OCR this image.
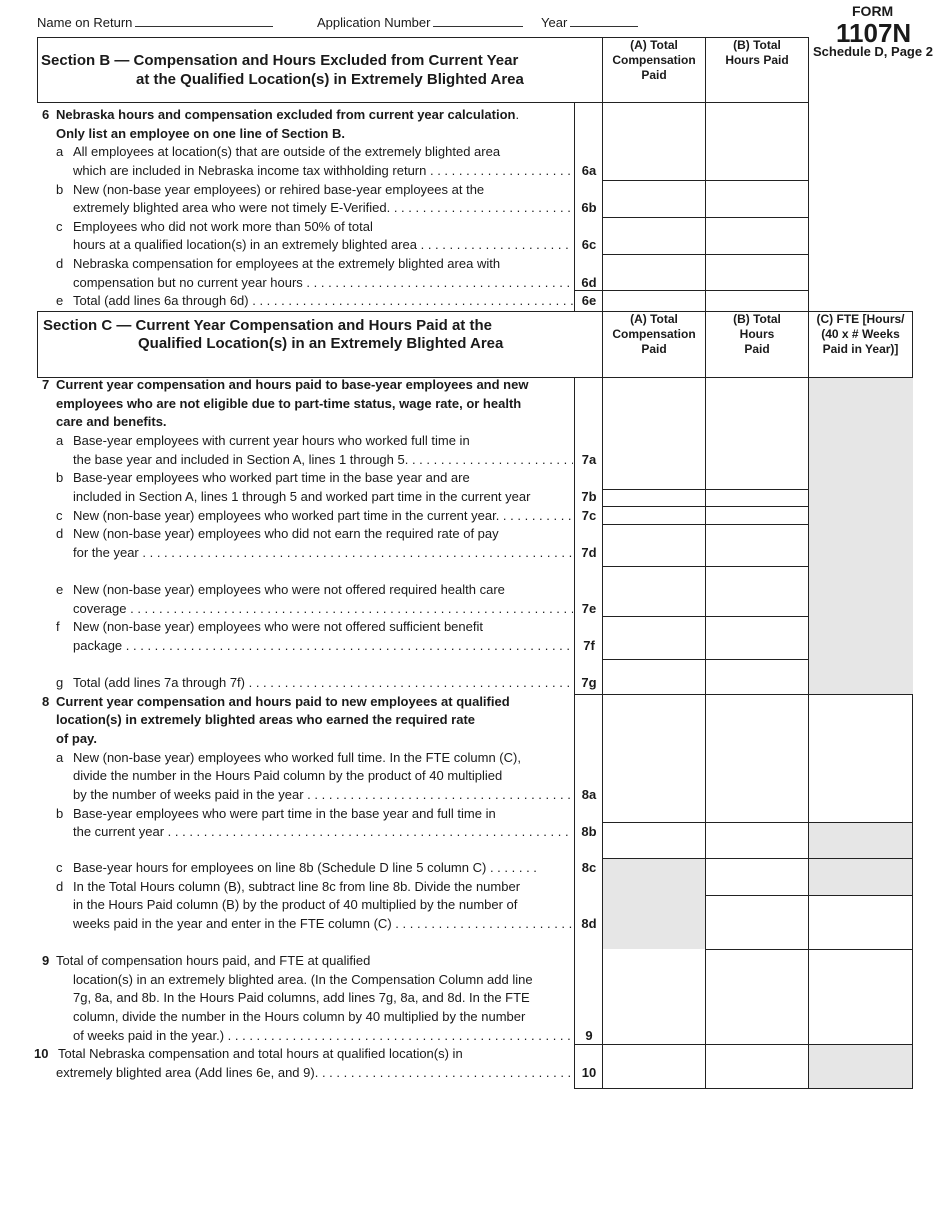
Name on Return	Application Number	Year
FORM
1107N
Schedule D, Page 2
Section B — Compensation and Hours Excluded from Current Year
at the Qualified Location(s) in Extremely Blighted Area
(A) Total Compensation Paid
(B) Total Hours Paid
6 Nebraska hours and compensation excluded from current year calculation.
Only list an employee on one line of Section B.
a All employees at location(s) that are outside of the extremely blighted area
which are included in Nebraska income tax withholding return . . .	6a
b New (non-base year employees) or rehired base-year employees at the
extremely blighted area who were not timely E-Verified. . . .	6b
c Employees who did not work more than 50% of total
hours at a qualified location(s) in an extremely blighted area . . .	6c
d Nebraska compensation for employees at the extremely blighted area with
compensation but no current year hours . . .	6d
e Total (add lines 6a through 6d) . . .	6e
Section C — Current Year Compensation and Hours Paid at the
Qualified Location(s) in an Extremely Blighted Area
(A) Total Compensation Paid
(B) Total Hours Paid
(C) FTE [Hours/ (40 x # Weeks Paid in Year)]
7 Current year compensation and hours paid to base-year employees and new
employees who are not eligible due to part-time status, wage rate, or health
care and benefits.
a Base-year employees with current year hours who worked full time in
the base year and included in Section A, lines 1 through 5. . . .	7a
b Base-year employees who worked part time in the base year and are
included in Section A, lines 1 through 5 and worked part time in the current year	7b
c New (non-base year) employees who worked part time in the current year. . . .	7c
d New (non-base year) employees who did not earn the required rate of pay
for the year . . .	7d
e New (non-base year) employees who were not offered required health care
coverage . . .	7e
f New (non-base year) employees who were not offered sufficient benefit
package . . .	7f
g Total (add lines 7a through 7f) . . .	7g
8 Current year compensation and hours paid to new employees at qualified
location(s) in extremely blighted areas who earned the required rate
of pay.
a New (non-base year) employees who worked full time. In the FTE column (C),
divide the number in the Hours Paid column by the product of 40 multiplied
by the number of weeks paid in the year . . .	8a
b Base-year employees who were part time in the base year and full time in
the current year . . .	8b
c Base-year hours for employees on line 8b (Schedule D line 5 column C) . . . . . . .	8c
d In the Total Hours column (B), subtract line 8c from line 8b. Divide the number
in the Hours Paid column (B) by the product of 40 multiplied by the number of
weeks paid in the year and enter in the FTE column (C) . . .	8d
9 Total of compensation hours paid, and FTE at qualified
location(s) in an extremely blighted area. (In the Compensation Column add line
7g, 8a, and 8b. In the Hours Paid columns, add lines 7g, 8a, and 8d. In the FTE
column, divide the number in the Hours column by 40 multiplied by the number
of weeks paid in the year.) . . .	9
10 Total Nebraska compensation and total hours at qualified location(s) in
extremely blighted area (Add lines 6e, and 9). . . .	10
